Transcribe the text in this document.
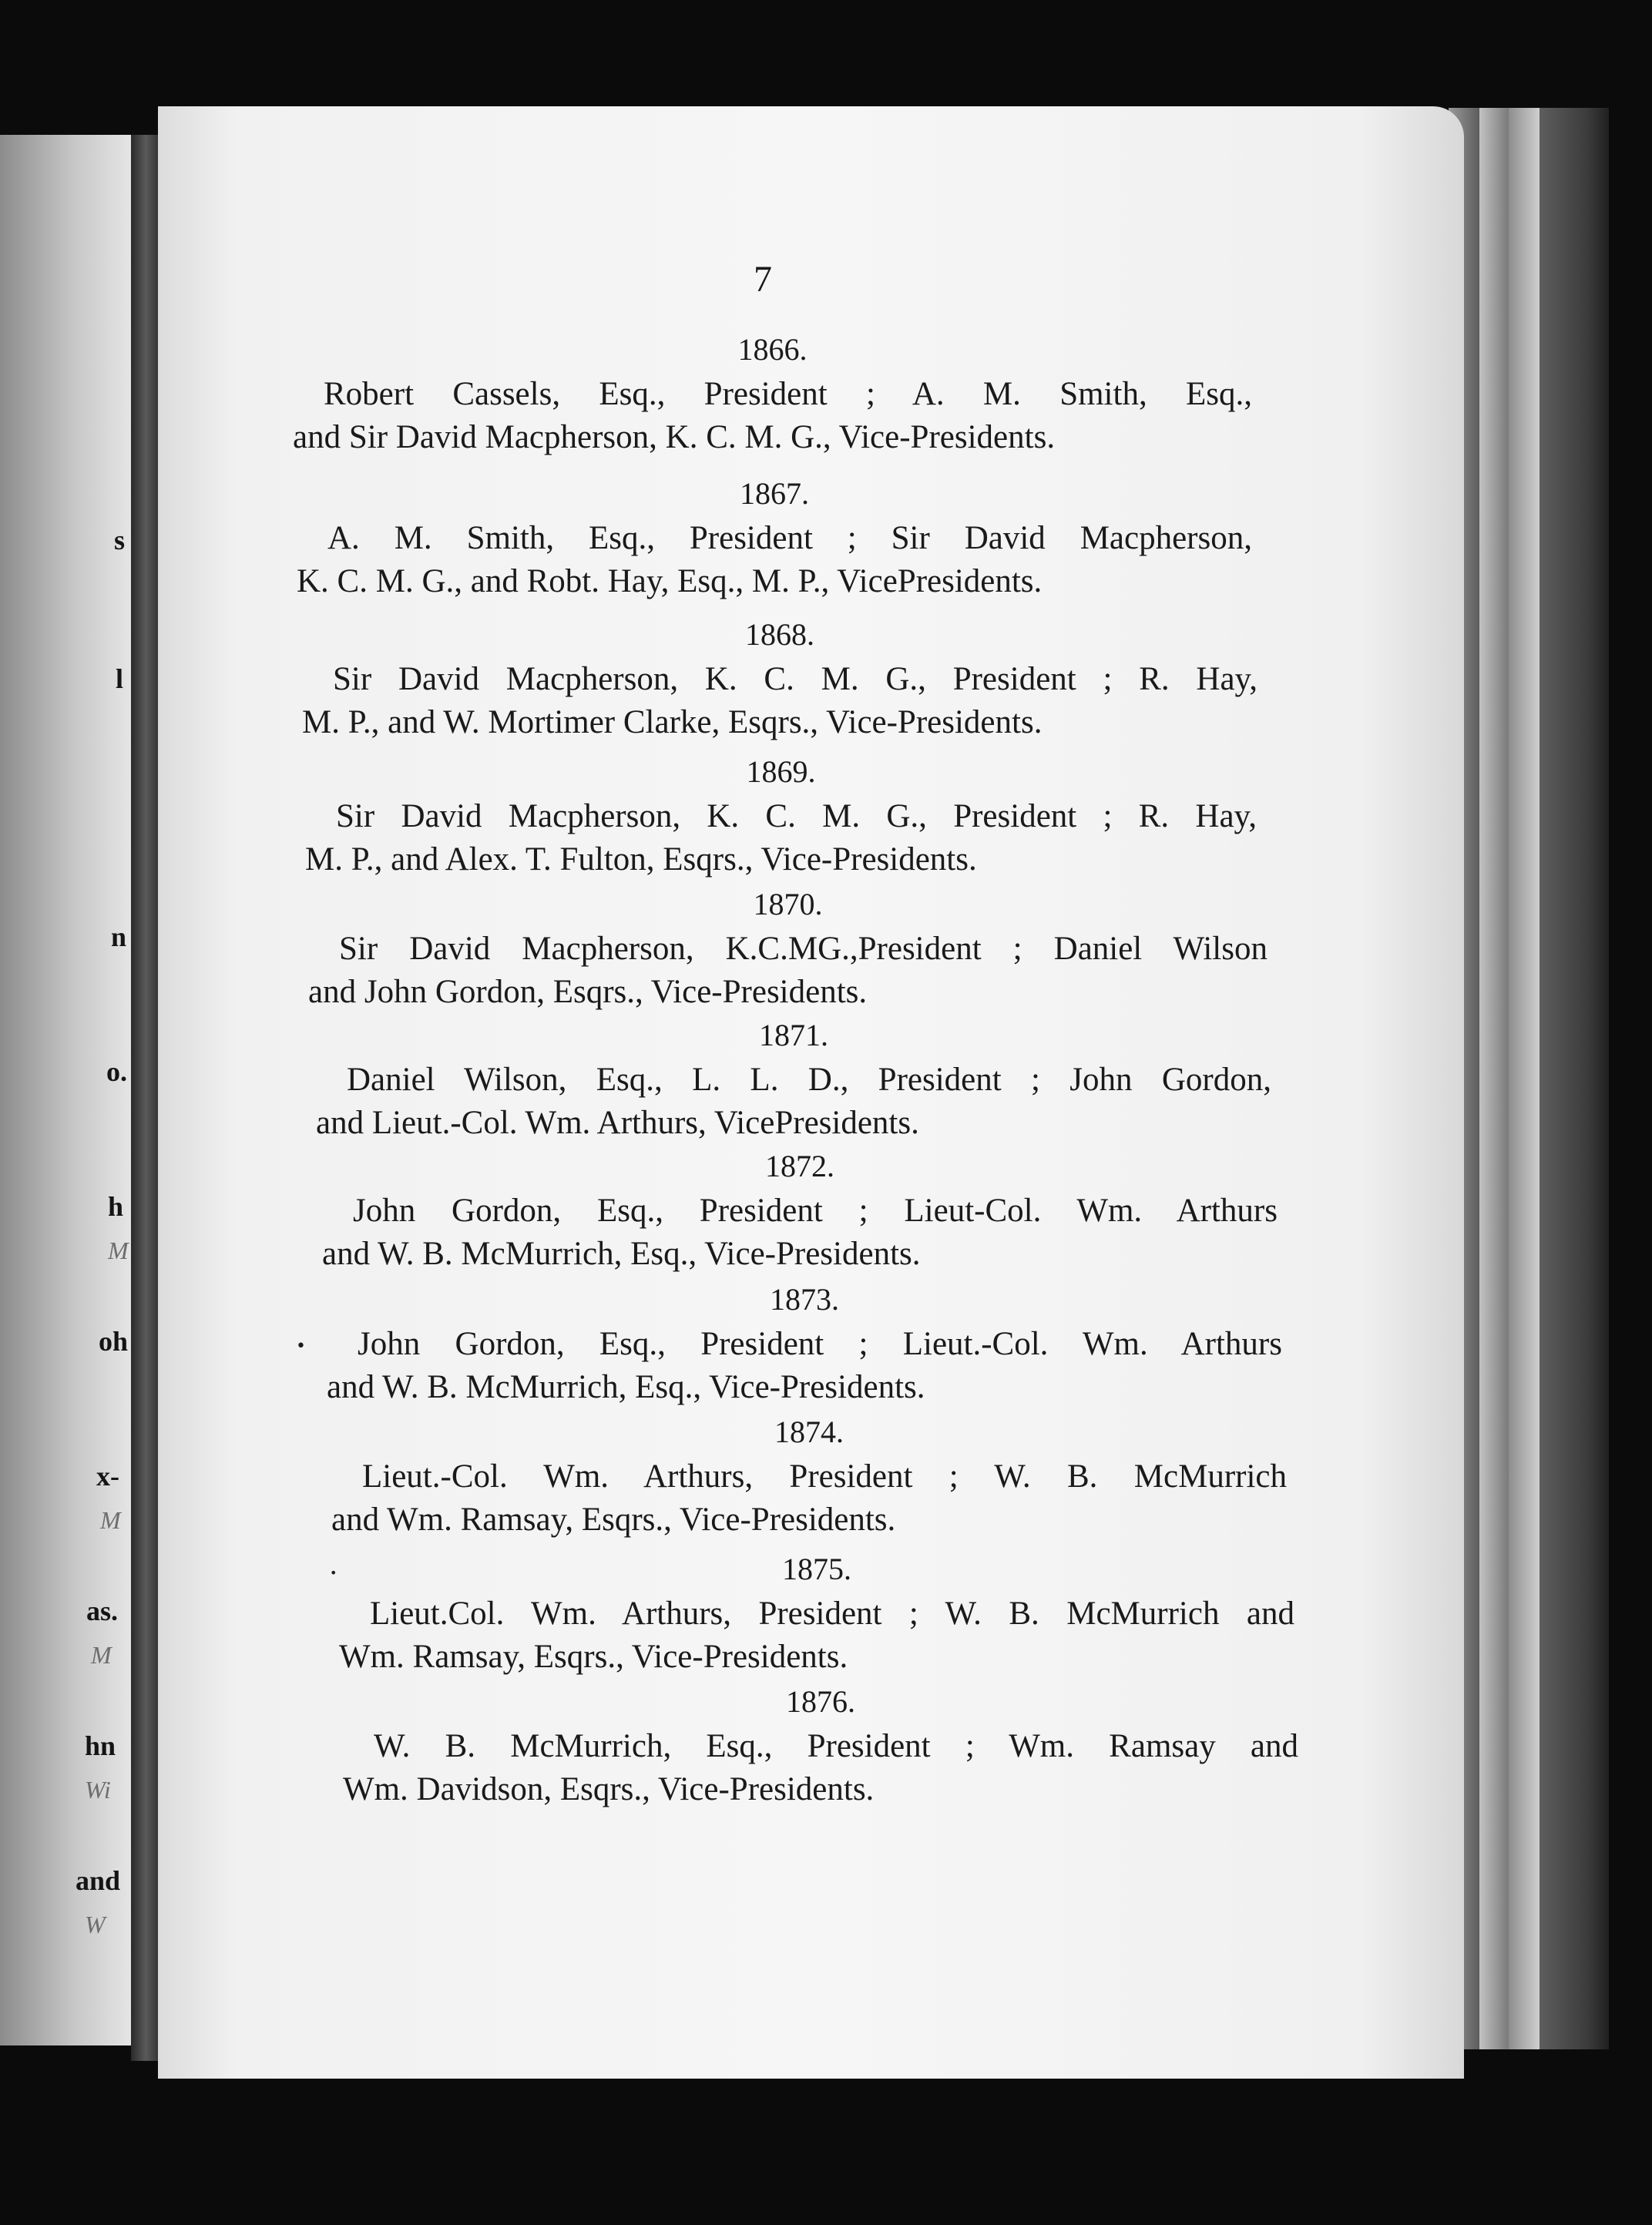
s
l
n
o.
h
M
oh
x-
M
as.
M
hn
Wi
and
W
7
1866.
Robert Cassels, Esq., President ; A. M. Smith, Esq.,
and Sir David Macpherson, K. C. M. G., Vice-Presidents.
1867.
A. M. Smith, Esq., President ; Sir David Macpherson,
K. C. M. G., and Robt. Hay, Esq., M. P., VicePresidents.
1868.
Sir David Macpherson, K. C. M. G., President ; R. Hay,
M. P., and W. Mortimer Clarke, Esqrs., Vice-Presidents.
1869.
Sir David Macpherson, K. C. M. G., President ; R. Hay,
M. P., and Alex. T. Fulton, Esqrs., Vice-Presidents.
1870.
Sir David Macpherson, K.C.MG.,President ; Daniel Wilson
and John Gordon, Esqrs., Vice-Presidents.
1871.
Daniel Wilson, Esq., L. L. D., President ; John Gordon,
and Lieut.-Col. Wm. Arthurs, VicePresidents.
1872.
John Gordon, Esq., President ; Lieut-Col. Wm. Arthurs
and W. B. McMurrich, Esq., Vice-Presidents.
1873.
John Gordon, Esq., President ; Lieut.-Col. Wm. Arthurs
and W. B. McMurrich, Esq., Vice-Presidents.
1874.
Lieut.-Col. Wm. Arthurs, President ; W. B. McMurrich
and Wm. Ramsay, Esqrs., Vice-Presidents.
1875.
Lieut.Col. Wm. Arthurs, President ; W. B. McMurrich and
Wm. Ramsay, Esqrs., Vice-Presidents.
1876.
W. B. McMurrich, Esq., President ; Wm. Ramsay and
Wm. Davidson, Esqrs., Vice-Presidents.
•
•
